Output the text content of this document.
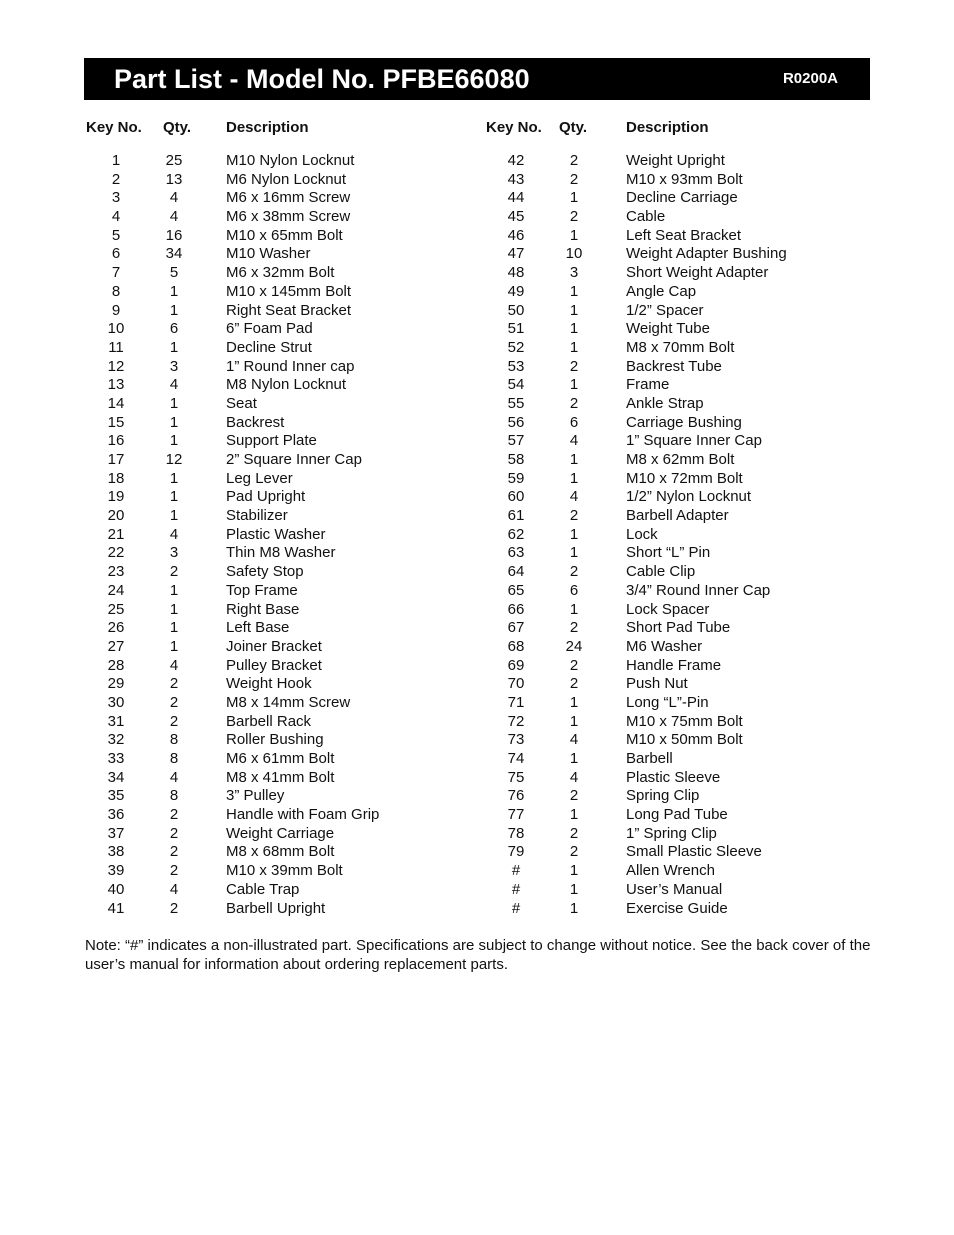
Part List - Model No. PFBE66080	R0200A
Key No. Qty. Description	Key No. Qty.	Description
1	25	M10 Nylon Locknut
2	13	M6 Nylon Locknut
3	4	M6 x 16mm Screw
4	4	M6 x 38mm Screw
5	16	M10 x 65mm Bolt
6	34	M10 Washer
7	5	M6 x 32mm Bolt
8	1	M10 x 145mm Bolt
9	1	Right Seat Bracket
10	6	6” Foam Pad
11	1	Decline Strut
12	3	1” Round Inner cap
13	4	M8 Nylon Locknut
14	1	Seat
15	1	Backrest
16	1	Support Plate
17	12	2” Square Inner Cap
18	1	Leg Lever
19	1	Pad Upright
20	1	Stabilizer
21	4	Plastic Washer
22	3	Thin M8 Washer
23	2	Safety Stop
24	1	Top Frame
25	1	Right Base
26	1	Left Base
27	1	Joiner Bracket
28	4	Pulley Bracket
29	2	Weight Hook
30	2	M8 x 14mm Screw
31	2	Barbell Rack
32	8	Roller Bushing
33	8	M6 x 61mm Bolt
34	4	M8 x 41mm Bolt
35	8	3” Pulley
36	2	Handle with Foam Grip
37	2	Weight Carriage
38	2	M8 x 68mm Bolt
39	2	M10 x 39mm Bolt
40	4	Cable Trap
41	2	Barbell Upright
42	2	Weight Upright
43	2	M10 x 93mm Bolt
44	1	Decline Carriage
45	2	Cable
46	1	Left Seat Bracket
47	10	Weight Adapter Bushing
48	3	Short Weight Adapter
49	1	Angle Cap
50	1	1/2” Spacer
51	1	Weight Tube
52	1	M8 x 70mm Bolt
53	2	Backrest Tube
54	1	Frame
55	2	Ankle Strap
56	6	Carriage Bushing
57	4	1” Square Inner Cap
58	1	M8 x 62mm Bolt
59	1	M10 x 72mm Bolt
60	4	1/2” Nylon Locknut
61	2	Barbell Adapter
62	1	Lock
63	1	Short “L” Pin
64	2	Cable Clip
65	6	3/4” Round Inner Cap
66	1	Lock Spacer
67	2	Short Pad Tube
68	24	M6 Washer
69	2	Handle Frame
70	2	Push Nut
71	1	Long “L”-Pin
72	1	M10 x 75mm Bolt
73	4	M10 x 50mm Bolt
74	1	Barbell
75	4	Plastic Sleeve
76	2	Spring Clip
77	1	Long Pad Tube
78	2	1” Spring Clip
79	2	Small Plastic Sleeve
#	1	Allen Wrench
#	1	User’s Manual
#	1	Exercise Guide
Note: “#” indicates a non-illustrated part. Specifications are subject to change without notice. See the back cover of the user’s manual for information about ordering replacement parts.
